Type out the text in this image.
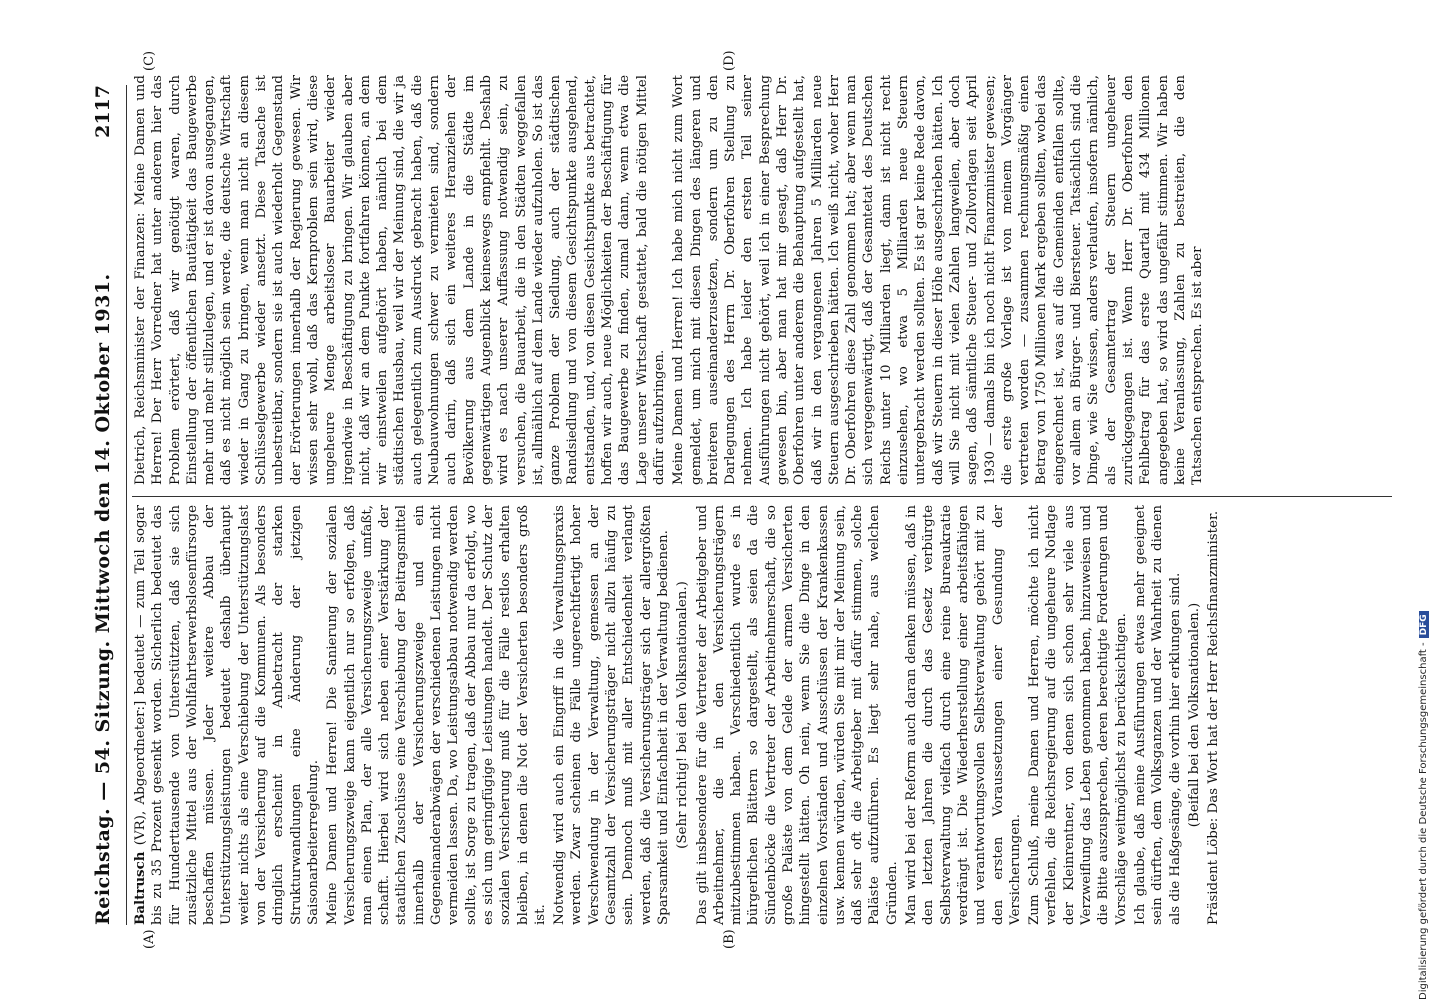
Reichstag. — 54. Sitzung. Mittwoch den 14. Oktober 1931.
2117
(A)	(B)
(C)	(D)

Baltrusch (VR), Abgeordneter:] bedeutet — zum Teil sogar bis zu 35 Prozent gesenkt worden. Sicherlich bedeutet das für Hunderttausende von Unterstützten, daß sie sich zusätzliche Mittel aus der Wohlfahrtserwerbslosenfürsorge beschaffen müssen. Jeder weitere Abbau der Unterstützungsleistungen bedeutet deshalb überhaupt weiter nichts als eine Verschiebung der Unterstützungslast von der Versicherung auf die Kommunen. Als besonders dringlich erscheint in Anbetracht der starken Strukturwandlungen eine Änderung der jetzigen Saisonarbeiterregelung. Meine Damen und Herren! Die Sanierung der sozialen Versicherungszweige kann eigentlich nur so erfolgen, daß man einen Plan, der alle Versicherungszweige umfaßt, schafft. Hierbei wird sich neben einer Verstärkung der staatlichen Zuschüsse eine Verschiebung der Beitragsmittel innerhalb der Versicherungszweige und ein Gegeneinanderabwägen der verschiedenen Leistungen nicht vermeiden lassen. Da, wo Leistungsabbau notwendig werden sollte, ist Sorge zu tragen, daß der Abbau nur da erfolgt, wo es sich um geringfügige Leistungen handelt. Der Schutz der sozialen Versicherung muß für die Fälle restlos erhalten bleiben, in denen die Not der Versicherten besonders groß ist. Notwendig wird auch ein Eingriff in die Verwaltungspraxis werden. Zwar scheinen die Fälle ungerechtfertigt hoher Verschwendung in der Verwaltung, gemessen an der Gesamtzahl der Versicherungsträger nicht allzu häufig zu sein. Dennoch muß mit aller Entschiedenheit verlangt werden, daß die Versicherungsträger sich der allergrößten Sparsamkeit und Einfachheit in der Verwaltung bedienen. (Sehr richtig! bei den Volksnationalen.) Das gilt insbesondere für die Vertreter der Arbeitgeber und Arbeitnehmer, die in den Versicherungsträgern mitzubestimmen haben. Verschiedentlich wurde es in bürgerlichen Blättern so dargestellt, als seien da die Sündenböcke die Vertreter der Arbeitnehmerschaft, die so große Paläste von dem Gelde der armen Versicherten hingestellt hätten. Oh nein, wenn Sie die Dinge in den einzelnen Vorständen und Ausschüssen der Krankenkassen usw. kennen würden, würden Sie mit mir der Meinung sein, daß sehr oft die Arbeitgeber mit dafür stimmen, solche Paläste aufzuführen. Es liegt sehr nahe, aus welchen Gründen. Man wird bei der Reform auch daran denken müssen, daß in den letzten Jahren die durch das Gesetz verbürgte Selbstverwaltung vielfach durch eine reine Bureaukratie verdrängt ist. Die Wiederherstellung einer arbeitsfähigen und verantwortungsvollen Selbstverwaltung gehört mit zu den ersten Voraussetzungen einer Gesundung der Versicherungen. Zum Schluß, meine Damen und Herren, möchte ich nicht verfehlen, die Reichsregierung auf die ungeheure Notlage der Kleinrentner, von denen sich schon sehr viele aus Verzweiflung das Leben genommen haben, hinzuweisen und die Bitte auszusprechen, deren berechtigte Forderungen und Vorschläge weitmöglichst zu berücksichtigen. Ich glaube, daß meine Ausführungen etwas mehr geeignet sein dürften, dem Volksganzen und der Wahrheit zu dienen als die Haßgesänge, die vorhin hier erklungen sind. (Beifall bei den Volksnationalen.) Präsident Löbe: Das Wort hat der Herr Reichsfinanzminister.

Dietrich, Reichsminister der Finanzen: Meine Damen und Herren! Der Herr Vorredner hat unter anderem hier das Problem erörtert, daß wir genötigt waren, durch Einstellung der öffentlichen Bautätigkeit das Baugewerbe mehr und mehr stillzulegen, und er ist davon ausgegangen, daß es nicht möglich sein werde, die deutsche Wirtschaft wieder in Gang zu bringen, wenn man nicht an diesem Schlüsselgewerbe wieder ansetzt. Diese Tatsache ist unbestreitbar, sondern sie ist auch wiederholt Gegenstand der Erörterungen innerhalb der Regierung gewesen. Wir wissen sehr wohl, daß das Kernproblem sein wird, diese ungeheure Menge arbeitsloser Bauarbeiter wieder irgendwie in Beschäftigung zu bringen. Wir glauben aber nicht, daß wir an dem Punkte fortfahren können, an dem wir einstweilen aufgehört haben, nämlich bei dem städtischen Hausbau, weil wir der Meinung sind, die wir ja auch gelegentlich zum Ausdruck gebracht haben, daß die Neubauwohnungen schwer zu vermieten sind, sondern auch darin, daß sich ein weiteres Heranziehen der Bevölkerung aus dem Lande in die Städte im gegenwärtigen Augenblick keineswegs empfiehlt. Deshalb wird es nach unserer Auffassung notwendig sein, zu versuchen, die Bauarbeit, die in den Städten weggefallen ist, allmählich auf dem Lande wieder aufzuholen. So ist das ganze Problem der Siedlung, auch der städtischen Randsiedlung und von diesem Gesichtspunkte ausgehend, entstanden, und, von diesen Gesichtspunkte aus betrachtet, hoffen wir auch, neue Möglichkeiten der Beschäftigung für das Baugewerbe zu finden, zumal dann, wenn etwa die Lage unserer Wirtschaft gestattet, bald die nötigen Mittel dafür aufzubringen. Meine Damen und Herren! Ich habe mich nicht zum Wort gemeldet, um mich mit diesen Dingen des längeren und breiteren auseinanderzusetzen, sondern um zu den Darlegungen des Herrn Dr. Oberfohren Stellung zu nehmen. Ich habe leider den ersten Teil seiner Ausführungen nicht gehört, weil ich in einer Besprechung gewesen bin, aber man hat mir gesagt, daß Herr Dr. Oberfohren unter anderem die Behauptung aufgestellt hat, daß wir in den vergangenen Jahren 5 Milliarden neue Steuern ausgeschrieben hätten. Ich weiß nicht, woher Herr Dr. Oberfohren diese Zahl genommen hat; aber wenn man sich vergegenwärtigt, daß der Gesamtetat des Deutschen Reichs unter 10 Milliarden liegt, dann ist nicht recht einzusehen, wo etwa 5 Milliarden neue Steuern untergebracht werden sollten. Es ist gar keine Rede davon, daß wir Steuern in dieser Höhe ausgeschrieben hätten. Ich will Sie nicht mit vielen Zahlen langweilen, aber doch sagen, daß sämtliche Steuer- und Zollvorlagen seit April 1930 — damals bin ich noch nicht Finanzminister gewesen; die erste große Vorlage ist von meinem Vorgänger vertreten worden — zusammen rechnungsmäßig einen Betrag von 1750 Millionen Mark ergeben sollten, wobei das eingerechnet ist, was auf die Gemeinden entfallen sollte, vor allem an Bürger- und Biersteuer. Tatsächlich sind die Dinge, wie Sie wissen, anders verlaufen, insofern nämlich, als der Gesamtertrag der Steuern ungeheuer zurückgegangen ist. Wenn Herr Dr. Oberfohren den Fehlbetrag für das erste Quartal mit 434 Millionen angegeben hat, so wird das ungefähr stimmen. Wir haben keine Veranlassung, Zahlen zu bestreiten, die den Tatsachen entsprechen. Es ist aber

Digitalisierung gefördert durch die Deutsche Forschungsgemeinschaft -DFG
